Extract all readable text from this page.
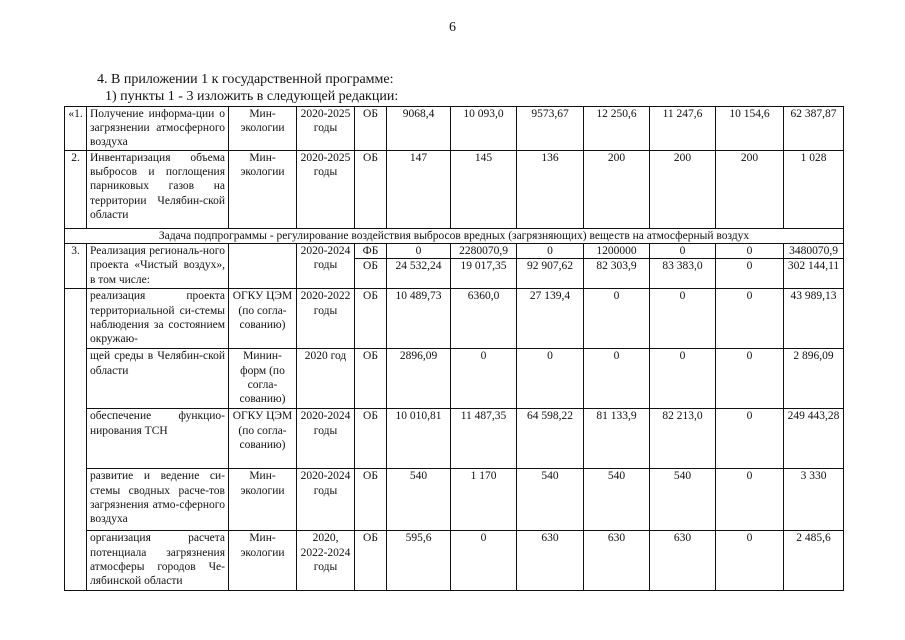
6
4. В приложении 1 к государственной программе:
1) пункты 1 - 3 изложить в следующей редакции:
«1.	Получение информа-ции о загрязнении атмосферного воздуха	Мин-экологии	2020-2025 годы	ОБ	9068,4	10 093,0	9573,67	12 250,6	11 247,6	10 154,6	62 387,87
2.	Инвентаризация объема выбросов и поглощения парниковых газов на территории Челябин-ской области	Мин-экологии	2020-2025 годы	ОБ	147	145	136	200	200	200	1 028
Задача подпрограммы - регулирование воздействия выбросов вредных (загрязняющих) веществ на атмосферный воздух											
3.	Реализация региональ-ного проекта «Чистый воздух», в том числе:		2020-2024 годы	ФБ	0	2280070,9	0	1200000	0	0	3480070,9
				ОБ	24 532,24	19 017,35	92 907,62	82 303,9	83 383,0	0	302 144,11
	реализация проекта территориальной си-стемы наблюдения за состоянием окружаю-	ОГКУ ЦЭМ (по согла-сованию)	2020-2022 годы	ОБ	10 489,73	6360,0	27 139,4	0	0	0	43 989,13
	щей среды в Челябин-ской области	Минин-форм (по согла-сованию)	2020 год	ОБ	2896,09	0	0	0	0	0	2 896,09
	обеспечение функцио-нирования ТСН	ОГКУ ЦЭМ (по согла-сованию)	2020-2024 годы	ОБ	10 010,81	11 487,35	64 598,22	81 133,9	82 213,0	0	249 443,28
	развитие и ведение си-стемы сводных расче-тов загрязнения атмо-сферного воздуха	Мин-экологии	2020-2024 годы	ОБ	540	1 170	540	540	540	0	3 330
	организация расчета потенциала загрязнения атмосферы городов Че-лябинской области	Мин-экологии	2020, 2022-2024 годы	ОБ	595,6	0	630	630	630	0	2 485,6
